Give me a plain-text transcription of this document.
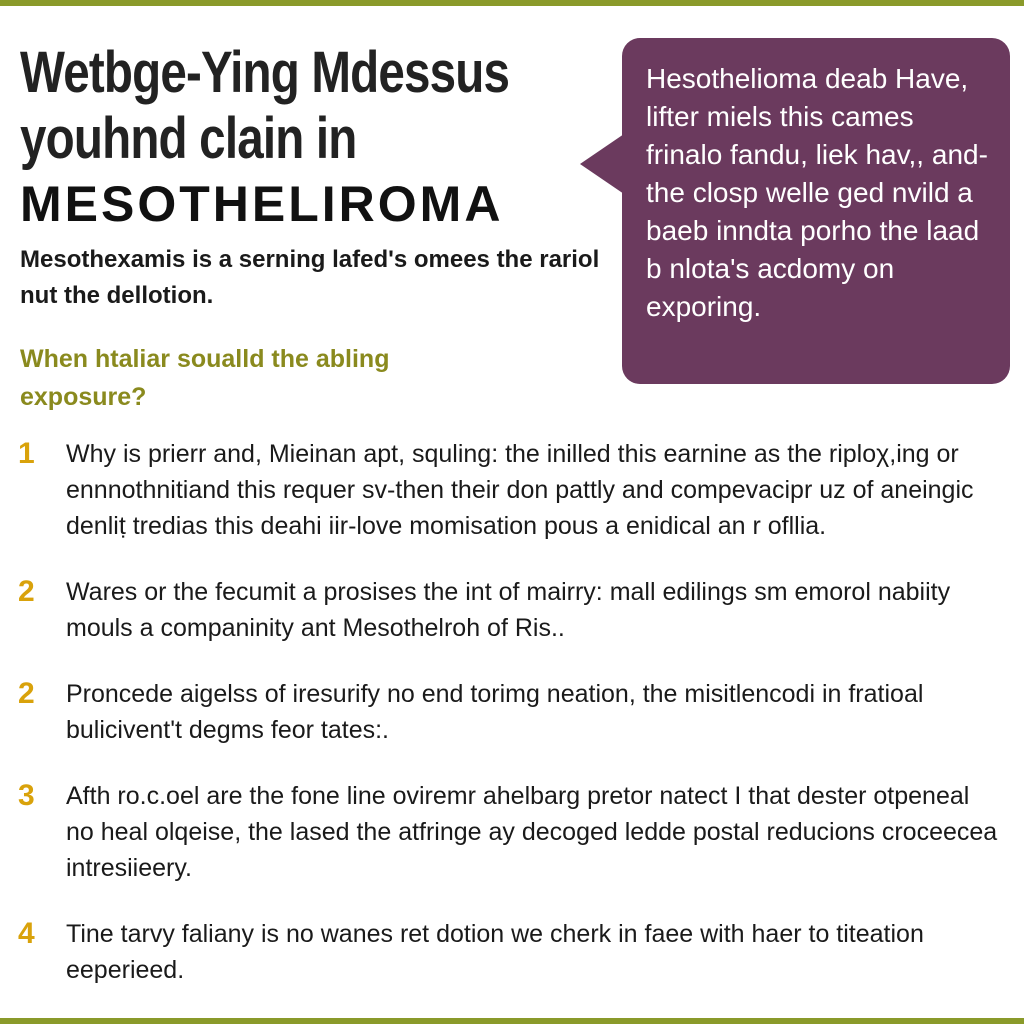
Wetbge-Ying Mdessus
youhnd clain in
MESOTHELIROMA
Mesothexamis is a serning lafed's omees the rariol nut the dellotion.
When htaliar soualld the abling exposure?
Hesothelioma deab Have, lifter miels this cames frinalo fandu, liek hav,, and-the closp welle ged nvild a baeb inndta porho the laad b nlota's acdomy on exporing.
1 Why is prierr and, Mieinan apt, squling: the inilled this earnine as the riploχ,ing or ennnothnitiand this requer sv-then their don pattly and compevacipr uz of aneingic denliṭ tredias this deahi iir-love momisation pous a enidical an r ofllia.
2 Wares or the fecumit a prosises the int of mairry: mall edilings sm emorol nabiity mouls a companinity ant Mesothelroh of Ris..
2 Proncede aigelss of iresurify no end torimg neation, the misitlencodi in fratioal bulicivent't degms feor tates:.
3 Afth ro.c.oel are the fone line oviremr ahelbarg pretor natect I that dester otpeneal no heal olqeise, the lased the atfringe ay decoged ledde postal reducions croceecea intresiieery.
4 Tine tarvy faliany is no wanes ret dotion we cherk in faee with haer to titeation eeperieed.
